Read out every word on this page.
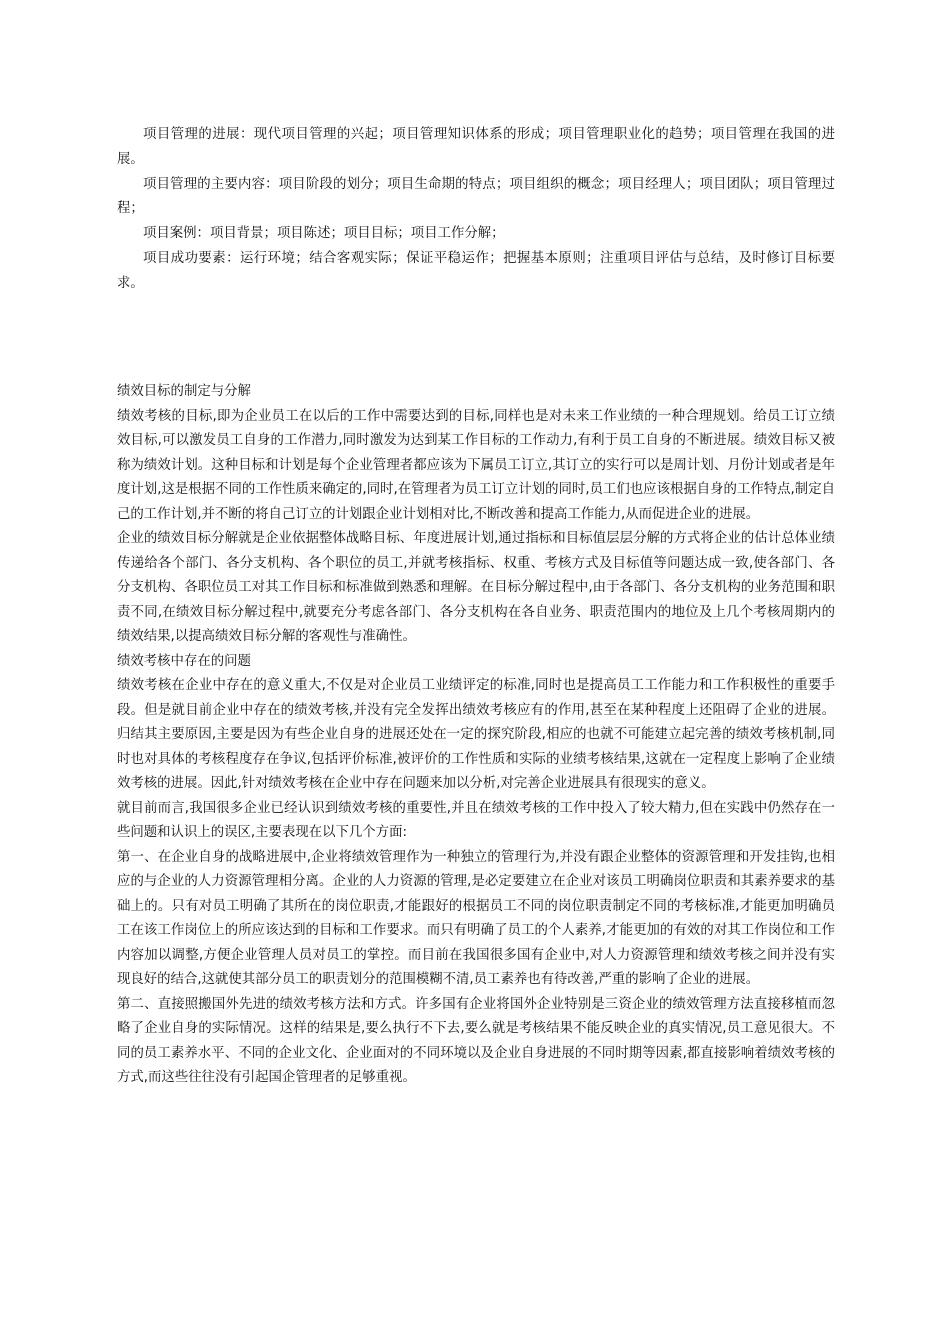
项目管理的进展：现代项目管理的兴起；项目管理知识体系的形成；项目管理职业化的趋势；项目管理在我国的进展。

项目管理的主要内容：项目阶段的划分；项目生命期的特点；项目组织的概念；项目经理人；项目团队；项目管理过程；

项目案例：项目背景；项目陈述；项目目标；项目工作分解；

项目成功要素：运行环境；结合客观实际；保证平稳运作；把握基本原则；注重项目评估与总结，及时修订目标要求。

绩效目标的制定与分解

绩效考核的目标,即为企业员工在以后的工作中需要达到的目标,同样也是对未来工作业绩的一种合理规划。给员工订立绩效目标,可以激发员工自身的工作潜力,同时激发为达到某工作目标的工作动力,有利于员工自身的不断进展。绩效目标又被称为绩效计划。这种目标和计划是每个企业管理者都应该为下属员工订立,其订立的实行可以是周计划、月份计划或者是年度计划,这是根据不同的工作性质来确定的,同时,在管理者为员工订立计划的同时,员工们也应该根据自身的工作特点,制定自己的工作计划,并不断的将自己订立的计划跟企业计划相对比,不断改善和提高工作能力,从而促进企业的进展。

企业的绩效目标分解就是企业依据整体战略目标、年度进展计划,通过指标和目标值层层分解的方式将企业的估计总体业绩传递给各个部门、各分支机构、各个职位的员工,并就考核指标、权重、考核方式及目标值等问题达成一致,使各部门、各分支机构、各职位员工对其工作目标和标准做到熟悉和理解。在目标分解过程中,由于各部门、各分支机构的业务范围和职责不同,在绩效目标分解过程中,就要充分考虑各部门、各分支机构在各自业务、职责范围内的地位及上几个考核周期内的绩效结果,以提高绩效目标分解的客观性与准确性。

绩效考核中存在的问题

绩效考核在企业中存在的意义重大,不仅是对企业员工业绩评定的标准,同时也是提高员工工作能力和工作积极性的重要手段。但是就目前企业中存在的绩效考核,并没有完全发挥出绩效考核应有的作用,甚至在某种程度上还阻碍了企业的进展。归结其主要原因,主要是因为有些企业自身的进展还处在一定的探究阶段,相应的也就不可能建立起完善的绩效考核机制,同时也对具体的考核程度存在争议,包括评价标准,被评价的工作性质和实际的业绩考核结果,这就在一定程度上影响了企业绩效考核的进展。因此,针对绩效考核在企业中存在问题来加以分析,对完善企业进展具有很现实的意义。

就目前而言,我国很多企业已经认识到绩效考核的重要性,并且在绩效考核的工作中投入了较大精力,但在实践中仍然存在一些问题和认识上的误区,主要表现在以下几个方面:

第一、在企业自身的战略进展中,企业将绩效管理作为一种独立的管理行为,并没有跟企业整体的资源管理和开发挂钩,也相应的与企业的人力资源管理相分离。企业的人力资源的管理,是必定要建立在企业对该员工明确岗位职责和其素养要求的基础上的。只有对员工明确了其所在的岗位职责,才能跟好的根据员工不同的岗位职责制定不同的考核标准,才能更加明确员工在该工作岗位上的所应该达到的目标和工作要求。而只有明确了员工的个人素养,才能更加的有效的对其工作岗位和工作内容加以调整,方便企业管理人员对员工的掌控。而目前在我国很多国有企业中,对人力资源管理和绩效考核之间并没有实现良好的结合,这就使其部分员工的职责划分的范围模糊不清,员工素养也有待改善,严重的影响了企业的进展。

第二、直接照搬国外先进的绩效考核方法和方式。许多国有企业将国外企业特别是三资企业的绩效管理方法直接移植而忽略了企业自身的实际情况。这样的结果是,要么执行不下去,要么就是考核结果不能反映企业的真实情况,员工意见很大。不同的员工素养水平、不同的企业文化、企业面对的不同环境以及企业自身进展的不同时期等因素,都直接影响着绩效考核的方式,而这些往往没有引起国企管理者的足够重视。
